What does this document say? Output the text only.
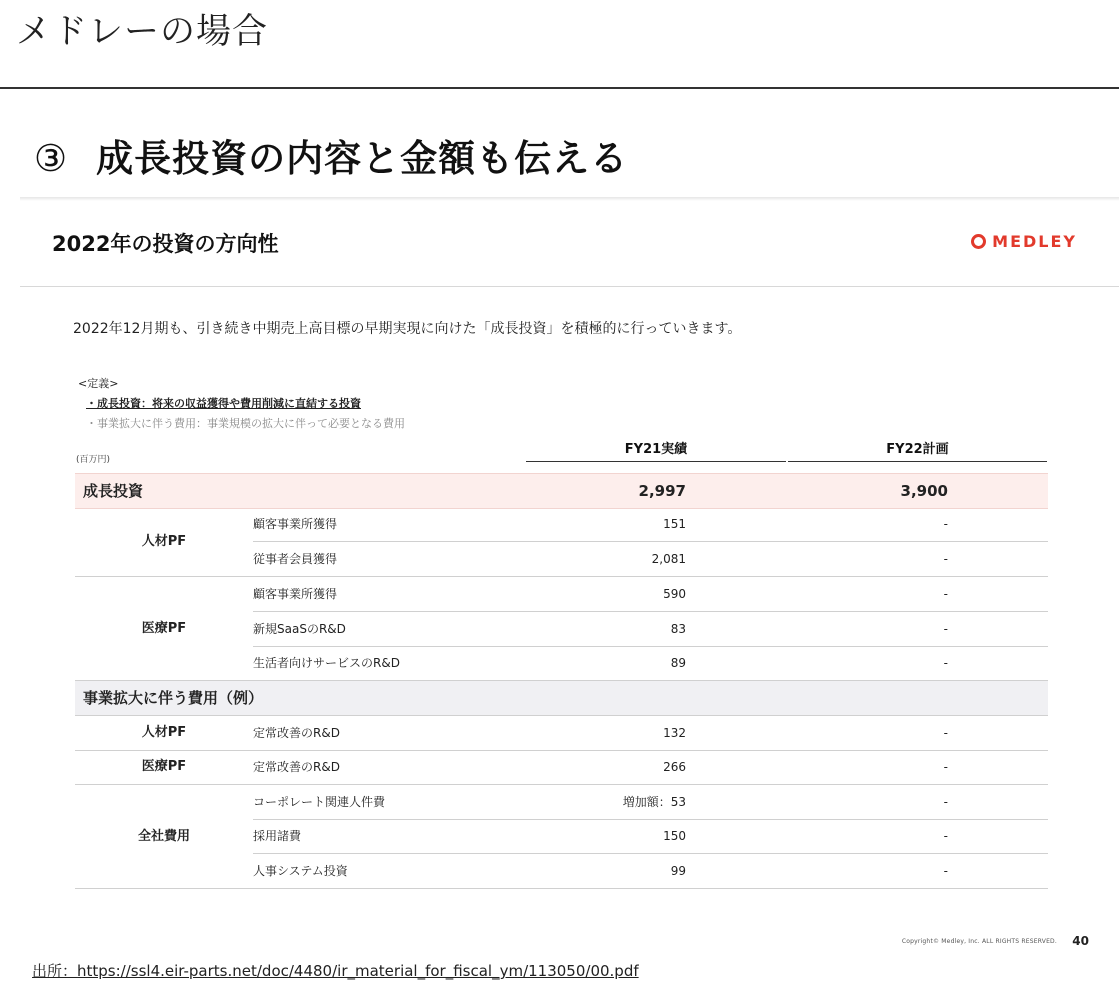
メドレーの場合
③ 成長投資の内容と金額も伝える
2022年の投資の方向性	MEDLEY
2022年12月期も、引き続き中期売上高目標の早期実現に向けた「成長投資」を積極的に行っていきます。
<定義>
・成長投資：将来の収益獲得や費用削減に直結する投資
・事業拡大に伴う費用：事業規模の拡大に伴って必要となる費用
(百万円)
FY21実績	FY22計画
成長投資	2,997	3,900
人材PF
顧客事業所獲得	151	-
従事者会員獲得	2,081	-
医療PF
顧客事業所獲得	590	-
新規SaaSのR&D	83	-
生活者向けサービスのR&D	89	-
事業拡大に伴う費用（例）
人材PF	定常改善のR&D	132	-
医療PF	定常改善のR&D	266	-
全社費用
コーポレート関連人件費	増加額：53	-
採用諸費	150	-
人事システム投資	99	-
Copyright© Medley, Inc. ALL RIGHTS RESERVED. 40
出所：https://ssl4.eir-parts.net/doc/4480/ir_material_for_fiscal_ym/113050/00.pdf
